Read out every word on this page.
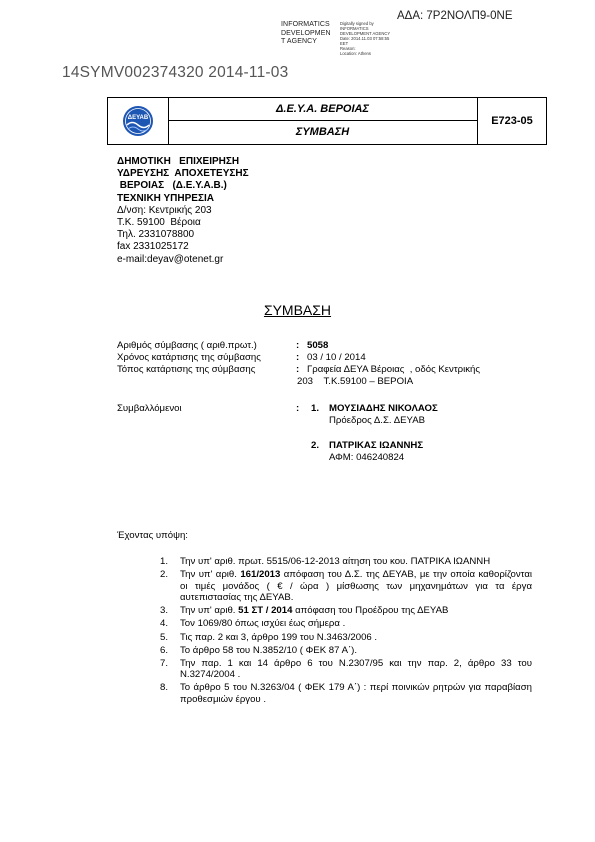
ΑΔΑ: 7Ρ2ΝΟΛΠ9-0ΝΕ
INFORMATICS
DEVELOPMEN
T AGENCY
Digitally signed by
INFORMATICS
DEVELOPMENT AGENCY
Date: 2014.11.03 07:58:55
EET
Reason:
Location: Athens
14SYMV002374320 2014-11-03
ΔΕΥΑΒ
Δ.Ε.Υ.Α. ΒΕΡΟΙΑΣ
ΣΥΜΒΑΣΗ
Ε723-05
ΔΗΜΟΤΙΚΗ   ΕΠΙΧΕΙΡΗΣΗ
ΥΔΡΕΥΣΗΣ  ΑΠΟΧΕΤΕΥΣΗΣ
ΒΕΡΟΙΑΣ   (Δ.Ε.Υ.Α.Β.)
ΤΕΧΝΙΚΗ ΥΠΗΡΕΣΙΑ
Δ/νση: Κεντρικής 203
Τ.Κ. 59100  Βέροια
Τηλ. 2331078800
fax 2331025172
e-mail:deyav@otenet.gr
ΣΥΜΒΑΣΗ
Αριθμός σύμβασης ( αριθ.πρωτ.)	: 5058
Χρόνος κατάρτισης της σύμβασης	: 03 / 10 / 2014
Τόπος κατάρτισης της σύμβασης	: Γραφεία ΔΕΥΑ Βέροιας  , οδός Κεντρικής
203    Τ.Κ.59100 – ΒΕΡΟΙΑ
Συμβαλλόμενοι	: 1. ΜΟΥΣΙΑΔΗΣ ΝΙΚΟΛΑΟΣ
Πρόεδρος Δ.Σ. ΔΕΥΑΒ
2. ΠΑΤΡΙΚΑΣ ΙΩΑΝΝΗΣ
ΑΦΜ: 046240824
Έχοντας υπόψη:
1.	Την υπ' αριθ. πρωτ. 5515/06-12-2013 αίτηση του κου. ΠΑΤΡΙΚΑ ΙΩΑΝΝΗ
2.	Την υπ' αριθ. 161/2013 απόφαση του Δ.Σ. της ΔΕΥΑΒ, με την οποία καθορίζονται οι τιμές μονάδος ( € / ώρα ) μίσθωσης των μηχανημάτων για τα έργα αυτεπιστασίας της ΔΕΥΑΒ.
3.	Την υπ' αριθ. 51 ΣΤ / 2014 απόφαση του Προέδρου της ΔΕΥΑΒ
4.	Τον 1069/80 όπως ισχύει έως σήμερα .
5.	Τις παρ. 2 και 3, άρθρο 199 του Ν.3463/2006 .
6.	Το άρθρο 58 του Ν.3852/10 ( ΦΕΚ 87 Α΄).
7.	Την παρ. 1 και 14 άρθρο 6 του Ν.2307/95 και την παρ. 2, άρθρο 33 του Ν.3274/2004 .
8.	Το άρθρο 5 του Ν.3263/04 ( ΦΕΚ 179 Α΄) : περί ποινικών ρητρών για παραβίαση προθεσμιών έργου .
